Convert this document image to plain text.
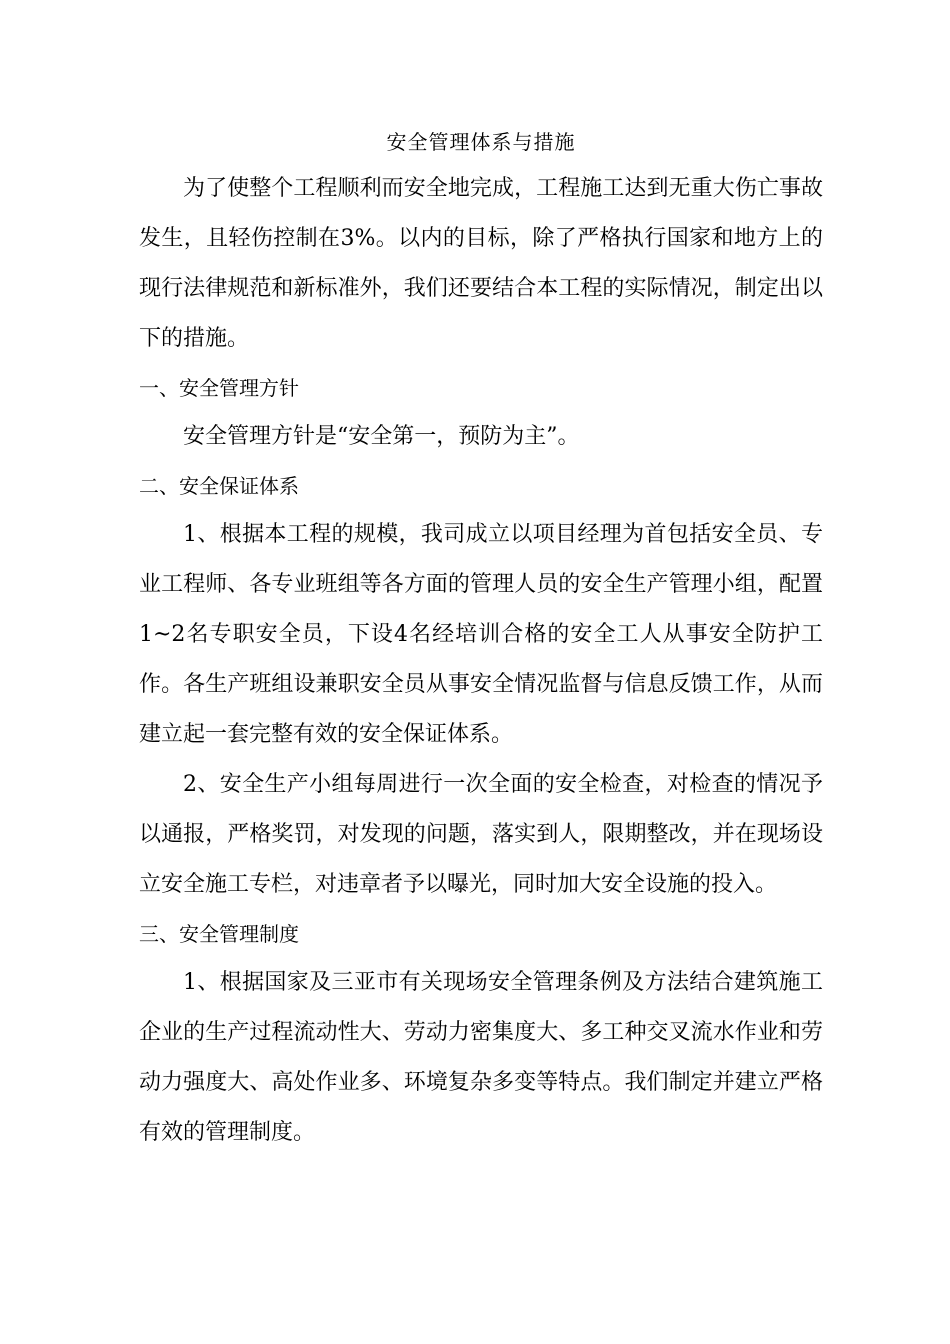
安全管理体系与措施

为了使整个工程顺利而安全地完成，工程施工达到无重大伤亡事故发生，且轻伤控制在3%。以内的目标，除了严格执行国家和地方上的现行法律规范和新标准外，我们还要结合本工程的实际情况，制定出以下的措施。

一、安全管理方针

安全管理方针是“安全第一，预防为主”。

二、安全保证体系

1、根据本工程的规模，我司成立以项目经理为首包括安全员、专业工程师、各专业班组等各方面的管理人员的安全生产管理小组，配置1~2名专职安全员，下设4名经培训合格的安全工人从事安全防护工作。各生产班组设兼职安全员从事安全情况监督与信息反馈工作，从而建立起一套完整有效的安全保证体系。

2、安全生产小组每周进行一次全面的安全检查，对检查的情况予以通报，严格奖罚，对发现的问题，落实到人，限期整改，并在现场设立安全施工专栏，对违章者予以曝光，同时加大安全设施的投入。

三、安全管理制度

1、根据国家及三亚市有关现场安全管理条例及方法结合建筑施工企业的生产过程流动性大、劳动力密集度大、多工种交叉流水作业和劳动力强度大、高处作业多、环境复杂多变等特点。我们制定并建立严格有效的管理制度。
